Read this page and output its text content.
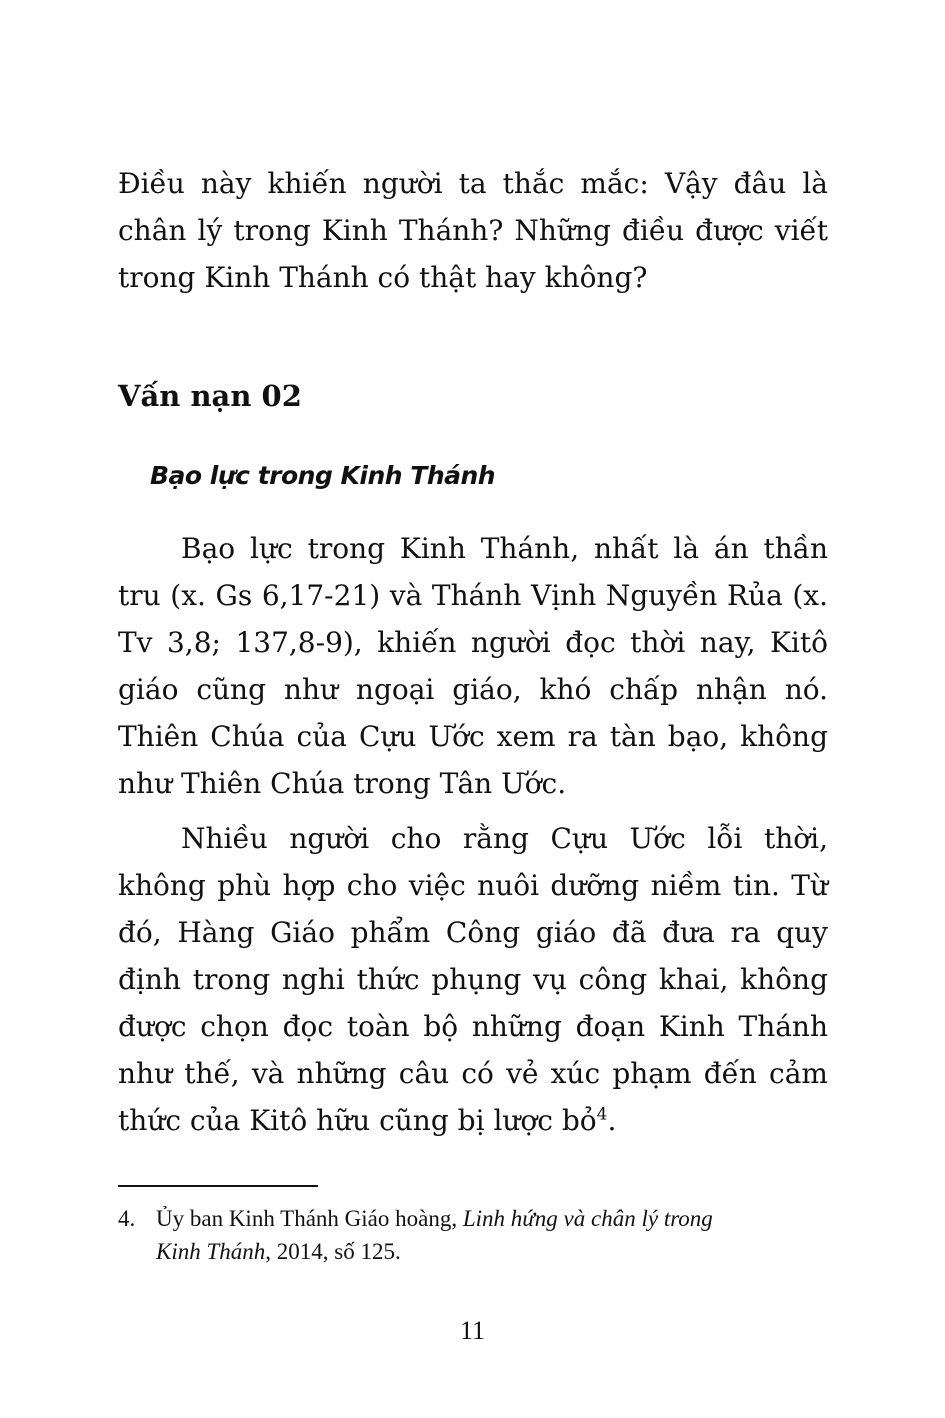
Điều này khiến người ta thắc mắc: Vậy đâu là chân lý trong Kinh Thánh? Những điều được viết trong Kinh Thánh có thật hay không?

Vấn nạn 02
Bạo lực trong Kinh Thánh

Bạo lực trong Kinh Thánh, nhất là án thần tru (x. Gs 6,17-21) và Thánh Vịnh Nguyền Rủa (x. Tv 3,8; 137,8-9), khiến người đọc thời nay, Kitô giáo cũng như ngoại giáo, khó chấp nhận nó. Thiên Chúa của Cựu Ước xem ra tàn bạo, không như Thiên Chúa trong Tân Ước.

Nhiều người cho rằng Cựu Ước lỗi thời, không phù hợp cho việc nuôi dưỡng niềm tin. Từ đó, Hàng Giáo phẩm Công giáo đã đưa ra quy định trong nghi thức phụng vụ công khai, không được chọn đọc toàn bộ những đoạn Kinh Thánh như thế, và những câu có vẻ xúc phạm đến cảm thức của Kitô hữu cũng bị lược bỏ$^4$.

4. Ủy ban Kinh Thánh Giáo hoàng, Linh hứng và chân lý trong
Kinh Thánh, 2014, số 125.

11
